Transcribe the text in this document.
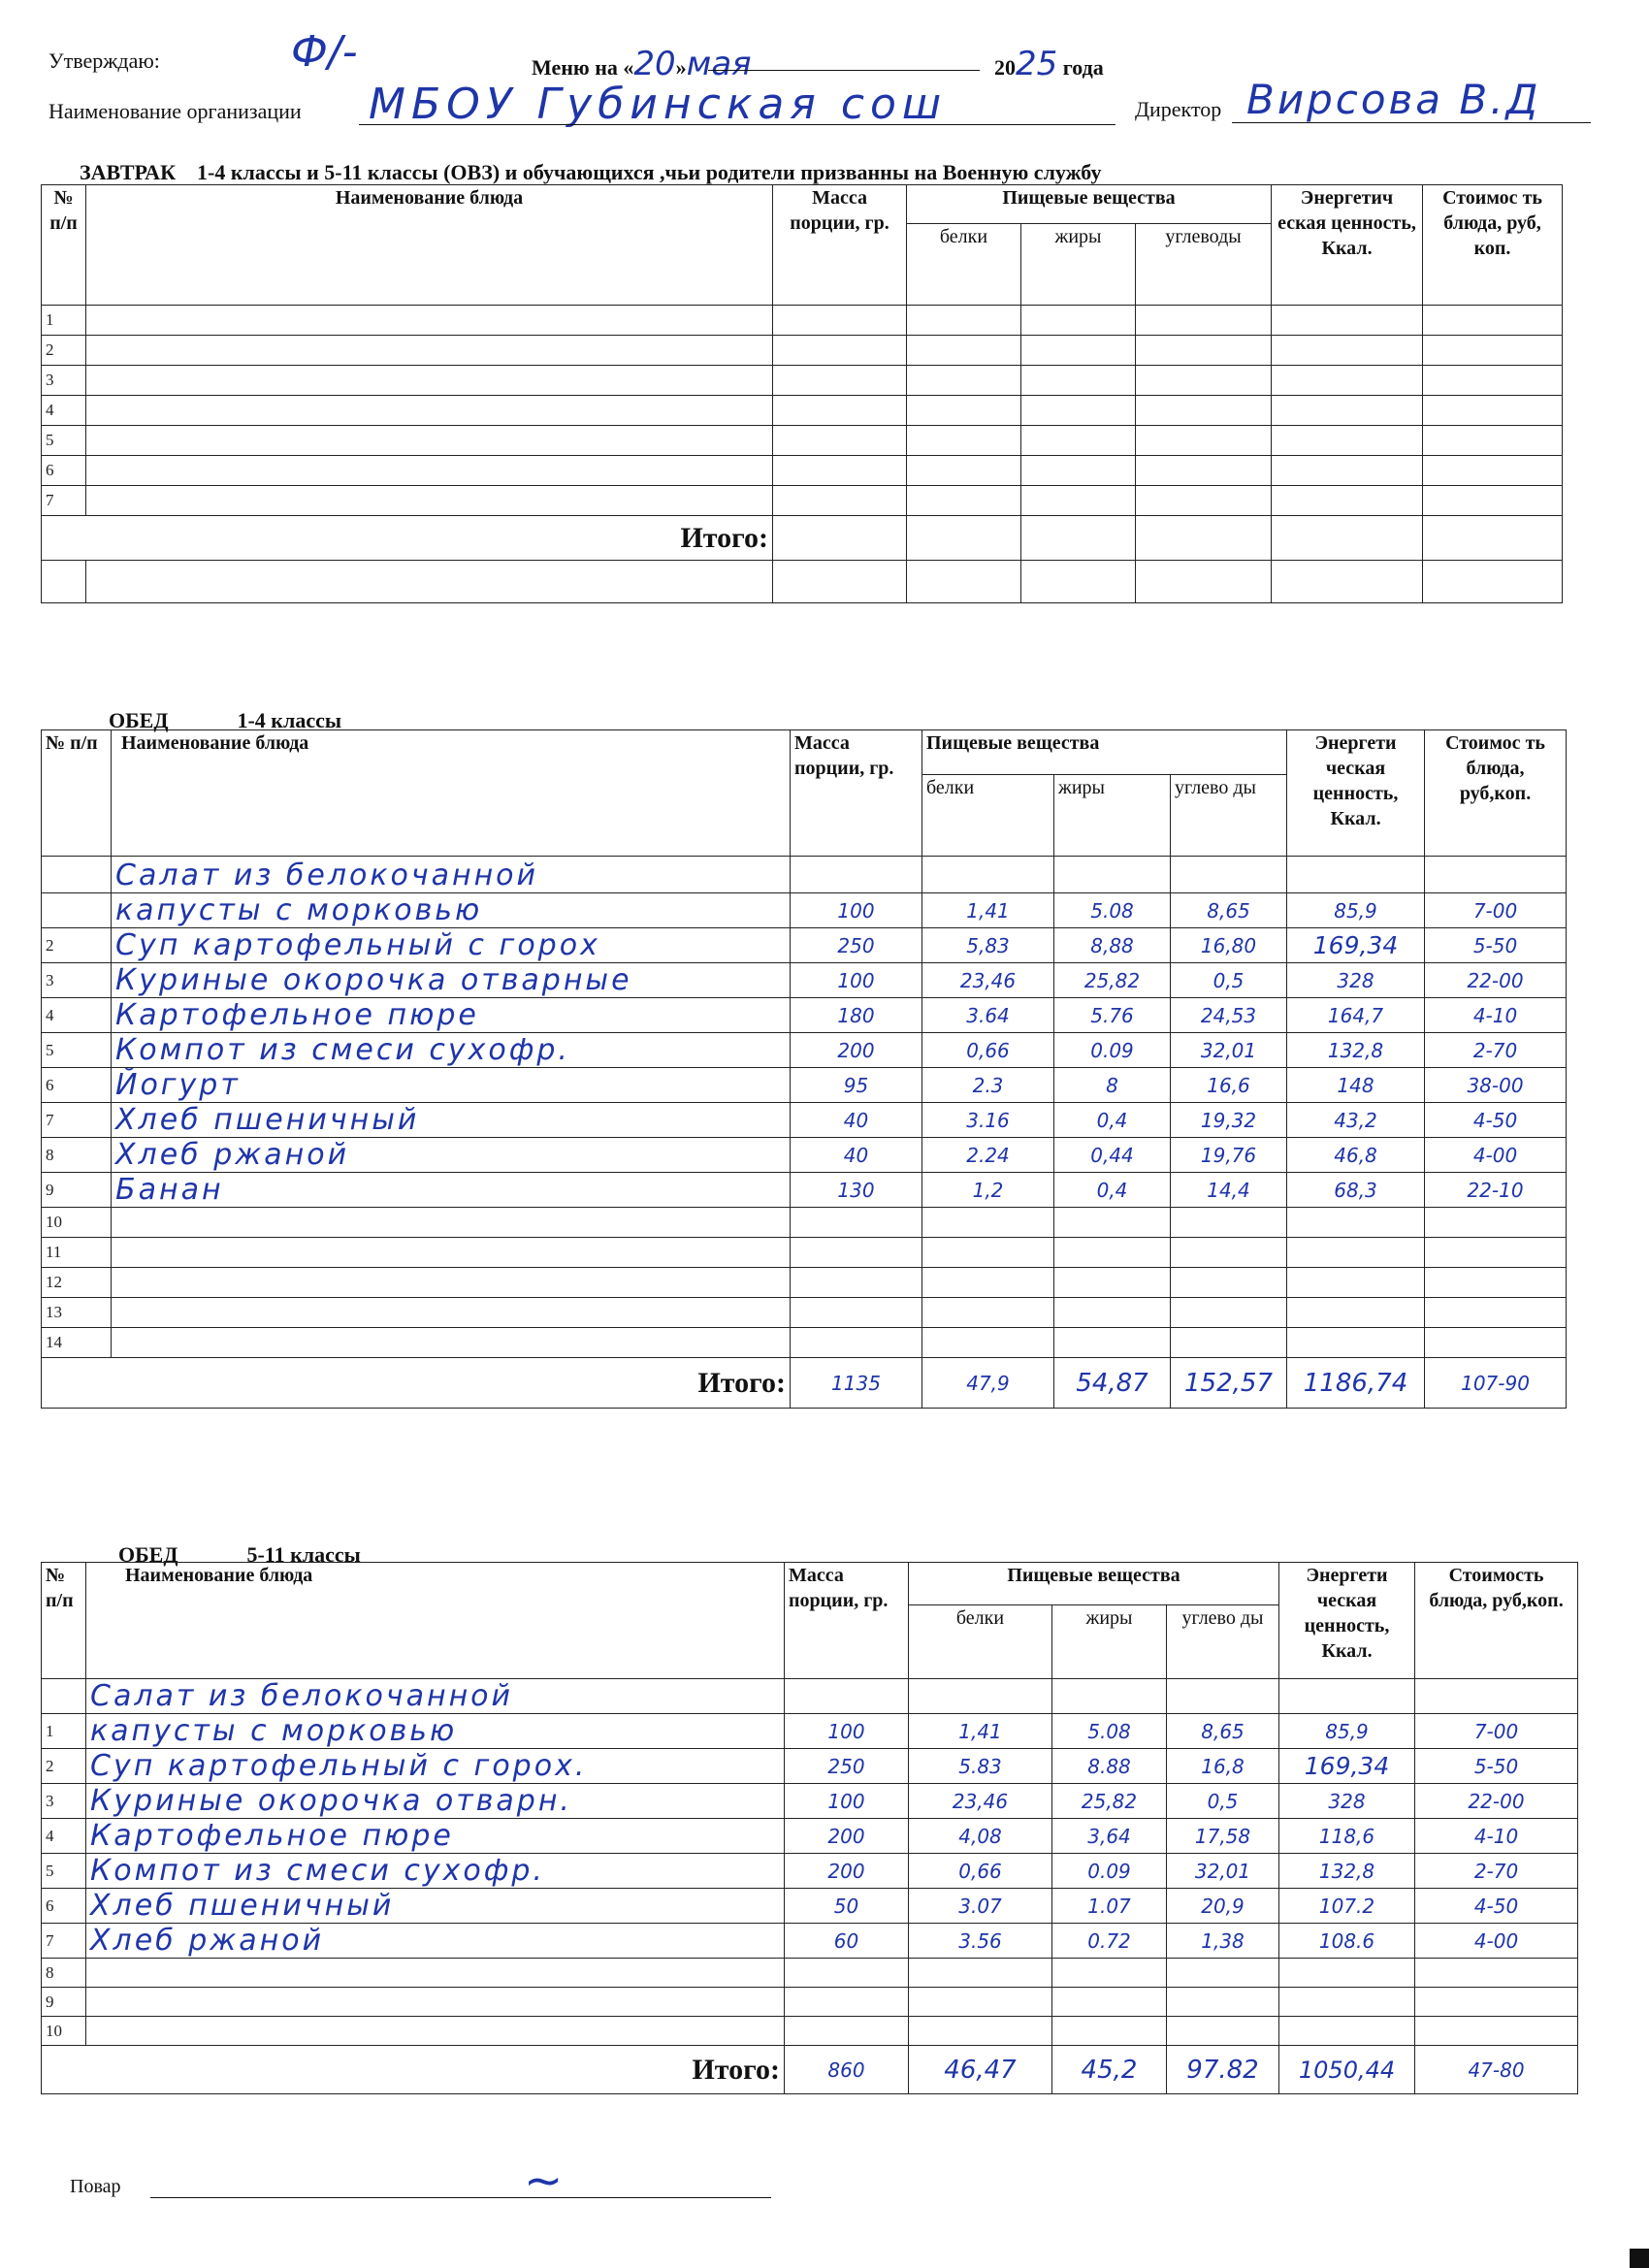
Утверждаю:	Ф/-	Меню на «20»мая	2025 года
Наименование организации МБОУ Губинская сош	Директор Вирсова В.Д
ЗАВТРАК 1-4 классы и 5-11 классы (ОВЗ) и обучающихся ,чьи родители призванны на Военную службу
№ п/п	Наименование блюда	Масса порции, гр.	Пищевые вещества			Энергетич еская ценность, Ккал.	Стоимос ть блюда, руб, коп.
			белки	жиры	углеводы		
1							
2							
3							
4							
5							
6							
7							
	Итого:						

ОБЕД	1-4 классы
№ п/п	Наименование блюда	Масса порции, гр.	Пищевые вещества			Энергети ческая ценность, Ккал.	Стоимос ть блюда, руб,коп.
			белки	жиры	углево ды		
	Салат из белокочанной						
	капусты с морковью	100	1,41	5.08	8,65	85,9	7-00
2	Суп картофельный с горох	250	5,83	8,88	16,80	169,34	5-50
3	Куриные окорочка отварные	100	23,46	25,82	0,5	328	22-00
4	Картофельное пюре	180	3.64	5.76	24,53	164,7	4-10
5	Компот из смеси сухофр.	200	0,66	0.09	32,01	132,8	2-70
6	Йогурт	95	2.3	8	16,6	148	38-00
7	Хлеб пшеничный	40	3.16	0,4	19,32	43,2	4-50
8	Хлеб ржаной	40	2.24	0,44	19,76	46,8	4-00
9	Банан	130	1,2	0,4	14,4	68,3	22-10
10							
11							
12							
13							
14							
	Итого:	1135	47,9	54,87	152,57	1186,74	107-90
ОБЕД	5-11 классы
№ п/п	Наименование блюда	Масса порции, гр.	Пищевые вещества			Энергети ческая ценность, Ккал.	Стоимость блюда, руб,коп.
			белки	жиры	углево ды		
	Салат из белокочанной						
1	капусты с морковью	100	1,41	5.08	8,65	85,9	7-00
2	Суп картофельный с горох.	250	5.83	8.88	16,8	169,34	5-50
3	Куриные окорочка отварн.	100	23,46	25,82	0,5	328	22-00
4	Картофельное пюре	200	4,08	3,64	17,58	118,6	4-10
5	Компот из смеси сухофр.	200	0,66	0.09	32,01	132,8	2-70
6	Хлеб пшеничный	50	3.07	1.07	20,9	107.2	4-50
7	Хлеб ржаной	60	3.56	0.72	1,38	108.6	4-00
8							
9							
10							
	Итого:	860	46,47	45,2	97.82	1050,44	47-80
Повар	~
